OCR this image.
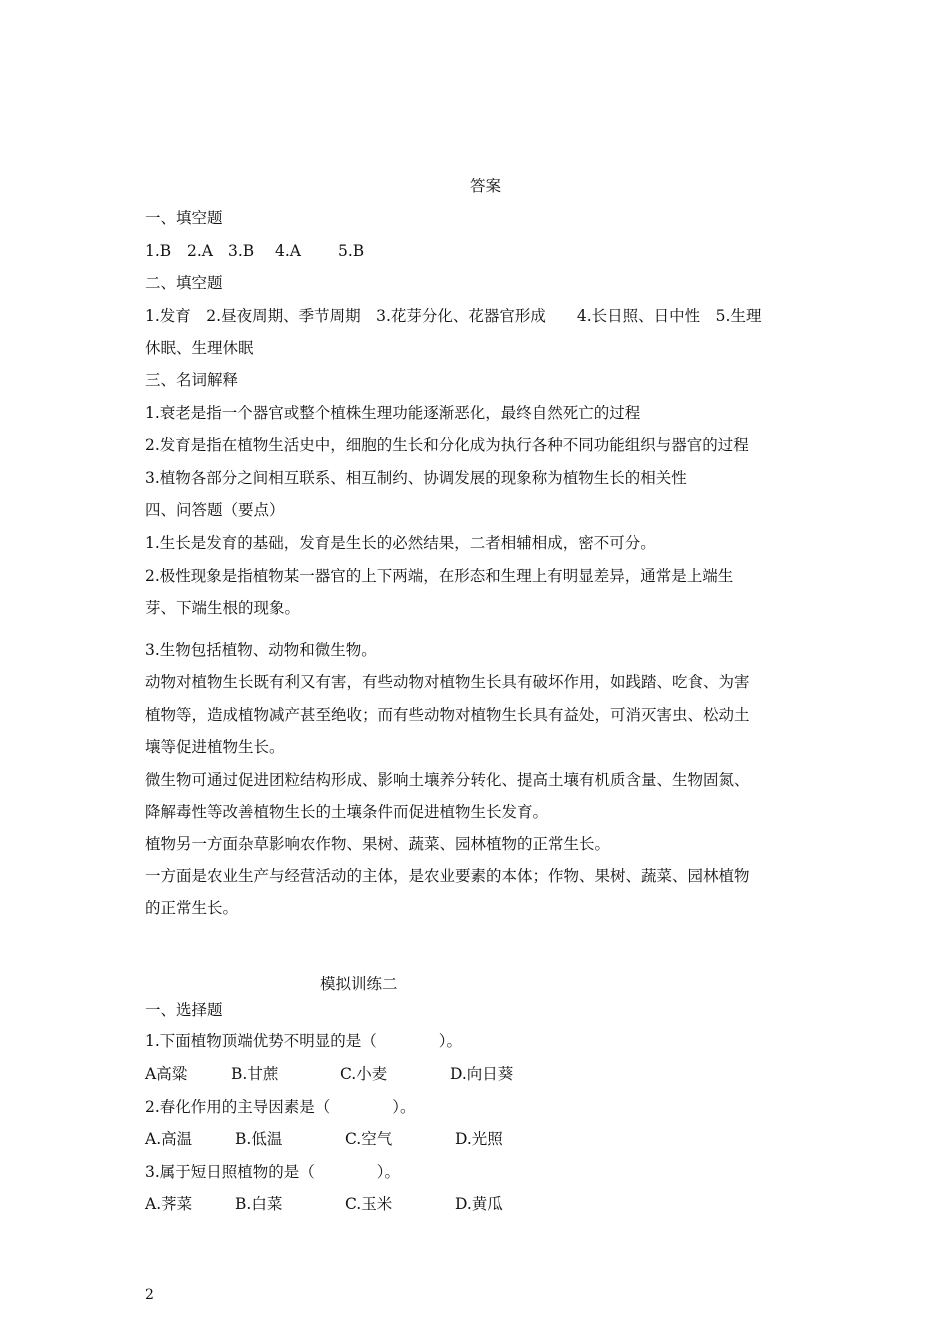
答案
一、填空题
1.B 2.A 3.B 4.A 5.B
二、填空题
1.发育　2.昼夜周期、季节周期　3.花芽分化、花器官形成　　4.长日照、日中性　5.生理
休眠、生理休眠
三、名词解释
1.衰老是指一个器官或整个植株生理功能逐渐恶化，最终自然死亡的过程
2.发育是指在植物生活史中，细胞的生长和分化成为执行各种不同功能组织与器官的过程
3.植物各部分之间相互联系、相互制约、协调发展的现象称为植物生长的相关性
四、问答题（要点）
1.生长是发育的基础，发育是生长的必然结果，二者相辅相成，密不可分。
2.极性现象是指植物某一器官的上下两端，在形态和生理上有明显差异，通常是上端生
芽、下端生根的现象。
3.生物包括植物、动物和微生物。
动物对植物生长既有利又有害，有些动物对植物生长具有破坏作用，如践踏、吃食、为害
植物等，造成植物减产甚至绝收；而有些动物对植物生长具有益处，可消灭害虫、松动土
壤等促进植物生长。
微生物可通过促进团粒结构形成、影响土壤养分转化、提高土壤有机质含量、生物固氮、
降解毒性等改善植物生长的土壤条件而促进植物生长发育。
植物另一方面杂草影响农作物、果树、蔬菜、园林植物的正常生长。
一方面是农业生产与经营活动的主体，是农业要素的本体；作物、果树、蔬菜、园林植物
的正常生长。
模拟训练二
一、选择题
1.下面植物顶端优势不明显的是（　　　　）。
A高粱	B.甘蔗	C.小麦	D.向日葵
2.春化作用的主导因素是（　　　　）。
A.高温	B.低温	C.空气	D.光照
3.属于短日照植物的是（　　　　）。
A.荠菜	B.白菜	C.玉米	D.黄瓜
2
